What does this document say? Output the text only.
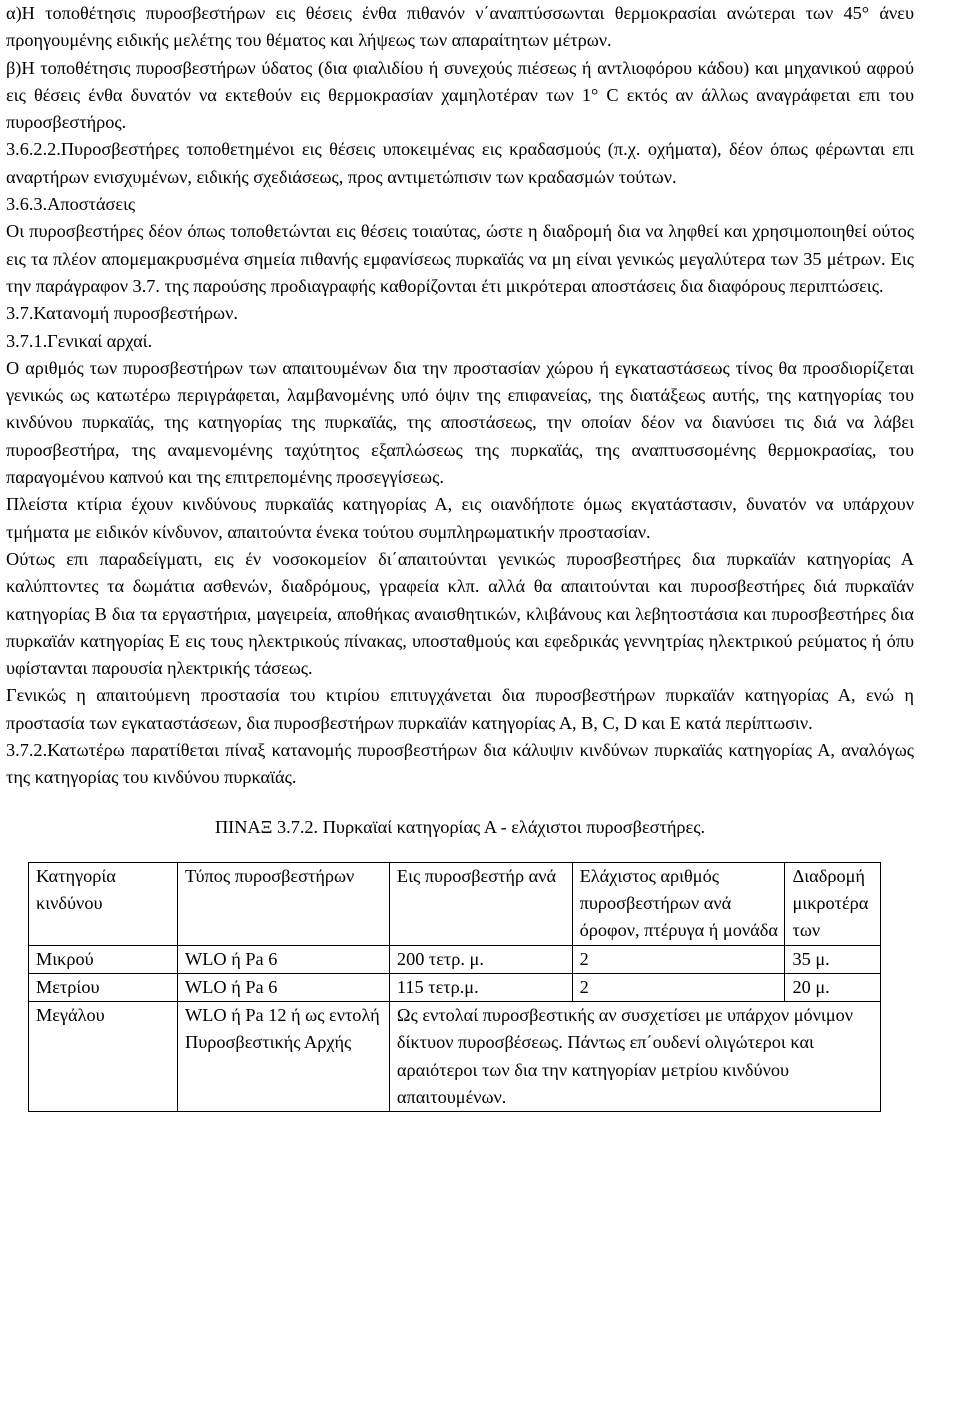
α)Η τοποθέτησις πυροσβεστήρων εις θέσεις ένθα πιθανόν ν΄αναπτύσσωνται θερμοκρασίαι ανώτεραι των 45° άνευ προηγουμένης ειδικής μελέτης του θέματος και λήψεως των απαραίτητων μέτρων.

β)Η τοποθέτησις πυροσβεστήρων ύδατος (δια φιαλιδίου ή συνεχούς πιέσεως ή αντλιοφόρου κάδου) και μηχανικού αφρού εις θέσεις ένθα δυνατόν να εκτεθούν εις θερμοκρασίαν χαμηλοτέραν των 1° C εκτός αν άλλως αναγράφεται επι του πυροσβεστήρος.

3.6.2.2.Πυροσβεστήρες τοποθετημένοι εις θέσεις υποκειμένας εις κραδασμούς (π.χ. οχήματα), δέον όπως φέρωνται επι αναρτήρων ενισχυμένων, ειδικής σχεδιάσεως, προς αντιμετώπισιν των κραδασμών τούτων.

3.6.3.Αποστάσεις

Οι πυροσβεστήρες δέον όπως τοποθετώνται εις θέσεις τοιαύτας, ώστε η διαδρομή δια να ληφθεί και χρησιμοποιηθεί ούτος εις τα πλέον απομεμακρυσμένα σημεία πιθανής εμφανίσεως πυρκαϊάς να μη είναι γενικώς μεγαλύτερα των 35 μέτρων. Εις την παράγραφον 3.7. της παρούσης προδιαγραφής καθορίζονται έτι μικρότεραι αποστάσεις δια διαφόρους περιπτώσεις.

3.7.Κατανομή πυροσβεστήρων.

3.7.1.Γενικαί αρχαί.

Ο αριθμός των πυροσβεστήρων των απαιτουμένων δια την προστασίαν χώρου ή εγκαταστάσεως τίνος θα προσδιορίζεται γενικώς ως κατωτέρω περιγράφεται, λαμβανομένης υπό όψιν της επιφανείας, της διατάξεως αυτής, της κατηγορίας του κινδύνου πυρκαϊάς, της κατηγορίας της πυρκαϊάς, της αποστάσεως, την οποίαν δέον να διανύσει τις διά να λάβει πυροσβεστήρα, της αναμενομένης ταχύτητος εξαπλώσεως της πυρκαϊάς, της αναπτυσσομένης θερμοκρασίας, του παραγομένου καπνού και της επιτρεπομένης προσεγγίσεως.

Πλείστα κτίρια έχουν κινδύνους πυρκαϊάς κατηγορίας Α, εις οιανδήποτε όμως εκγατάστασιν, δυνατόν να υπάρχουν τμήματα με ειδικόν κίνδυνον, απαιτούντα ένεκα τούτου συμπληρωματικήν προστασίαν.

Ούτως επι παραδείγματι, εις έν νοσοκομείον δι΄απαιτούνται γενικώς πυροσβεστήρες δια πυρκαϊάν κατηγορίας Α καλύπτοντες τα δωμάτια ασθενών, διαδρόμους, γραφεία κλπ. αλλά θα απαιτούνται και πυροσβεστήρες διά πυρκαϊάν κατηγορίας Β δια τα εργαστήρια, μαγειρεία, αποθήκας αναισθητικών, κλιβάνους και λεβητοστάσια και πυροσβεστήρες δια πυρκαϊάν κατηγορίας Ε εις τους ηλεκτρικούς πίνακας, υποσταθμούς και εφεδρικάς γεννητρίας ηλεκτρικού ρεύματος ή όπυ υφίστανται παρουσία ηλεκτρικής τάσεως.

Γενικώς η απαιτούμενη προστασία του κτιρίου επιτυγχάνεται δια πυροσβεστήρων πυρκαϊάν κατηγορίας Α, ενώ η προστασία των εγκαταστάσεων, δια πυροσβεστήρων πυρκαϊάν κατηγορίας Α, Β, C, D και Ε κατά περίπτωσιν.

3.7.2.Κατωτέρω παρατίθεται πίναξ κατανομής πυροσβεστήρων δια κάλυψιν κινδύνων πυρκαϊάς κατηγορίας Α, αναλόγως της κατηγορίας του κινδύνου πυρκαϊάς.

ΠΙΝΑΞ 3.7.2. Πυρκαϊαί κατηγορίας Α - ελάχιστοι πυροσβεστήρες.
Κατηγορία κινδύνου	Τύπος πυροσβεστήρων	Εις πυροσβεστήρ ανά	Ελάχιστος αριθμός πυροσβεστήρων ανά όροφον, πτέρυγα ή μονάδα	Διαδρομή μικροτέρα των
Μικρού	WLO ή Pa 6	200 τετρ. μ.	2	35 μ.
Μετρίου	WLO ή Pa 6	115 τετρ.μ.	2	20 μ.
Μεγάλου	WLO ή Pa 12 ή ως εντολή Πυροσβεστικής Αρχής	Ως εντολαί πυροσβεστικής αν συσχετίσει με υπάρχον μόνιμον δίκτυον πυροσβέσεως. Πάντως επ΄ουδενί ολιγώτεροι και αραιότεροι των δια την κατηγορίαν μετρίου κινδύνου απαιτουμένων.		
